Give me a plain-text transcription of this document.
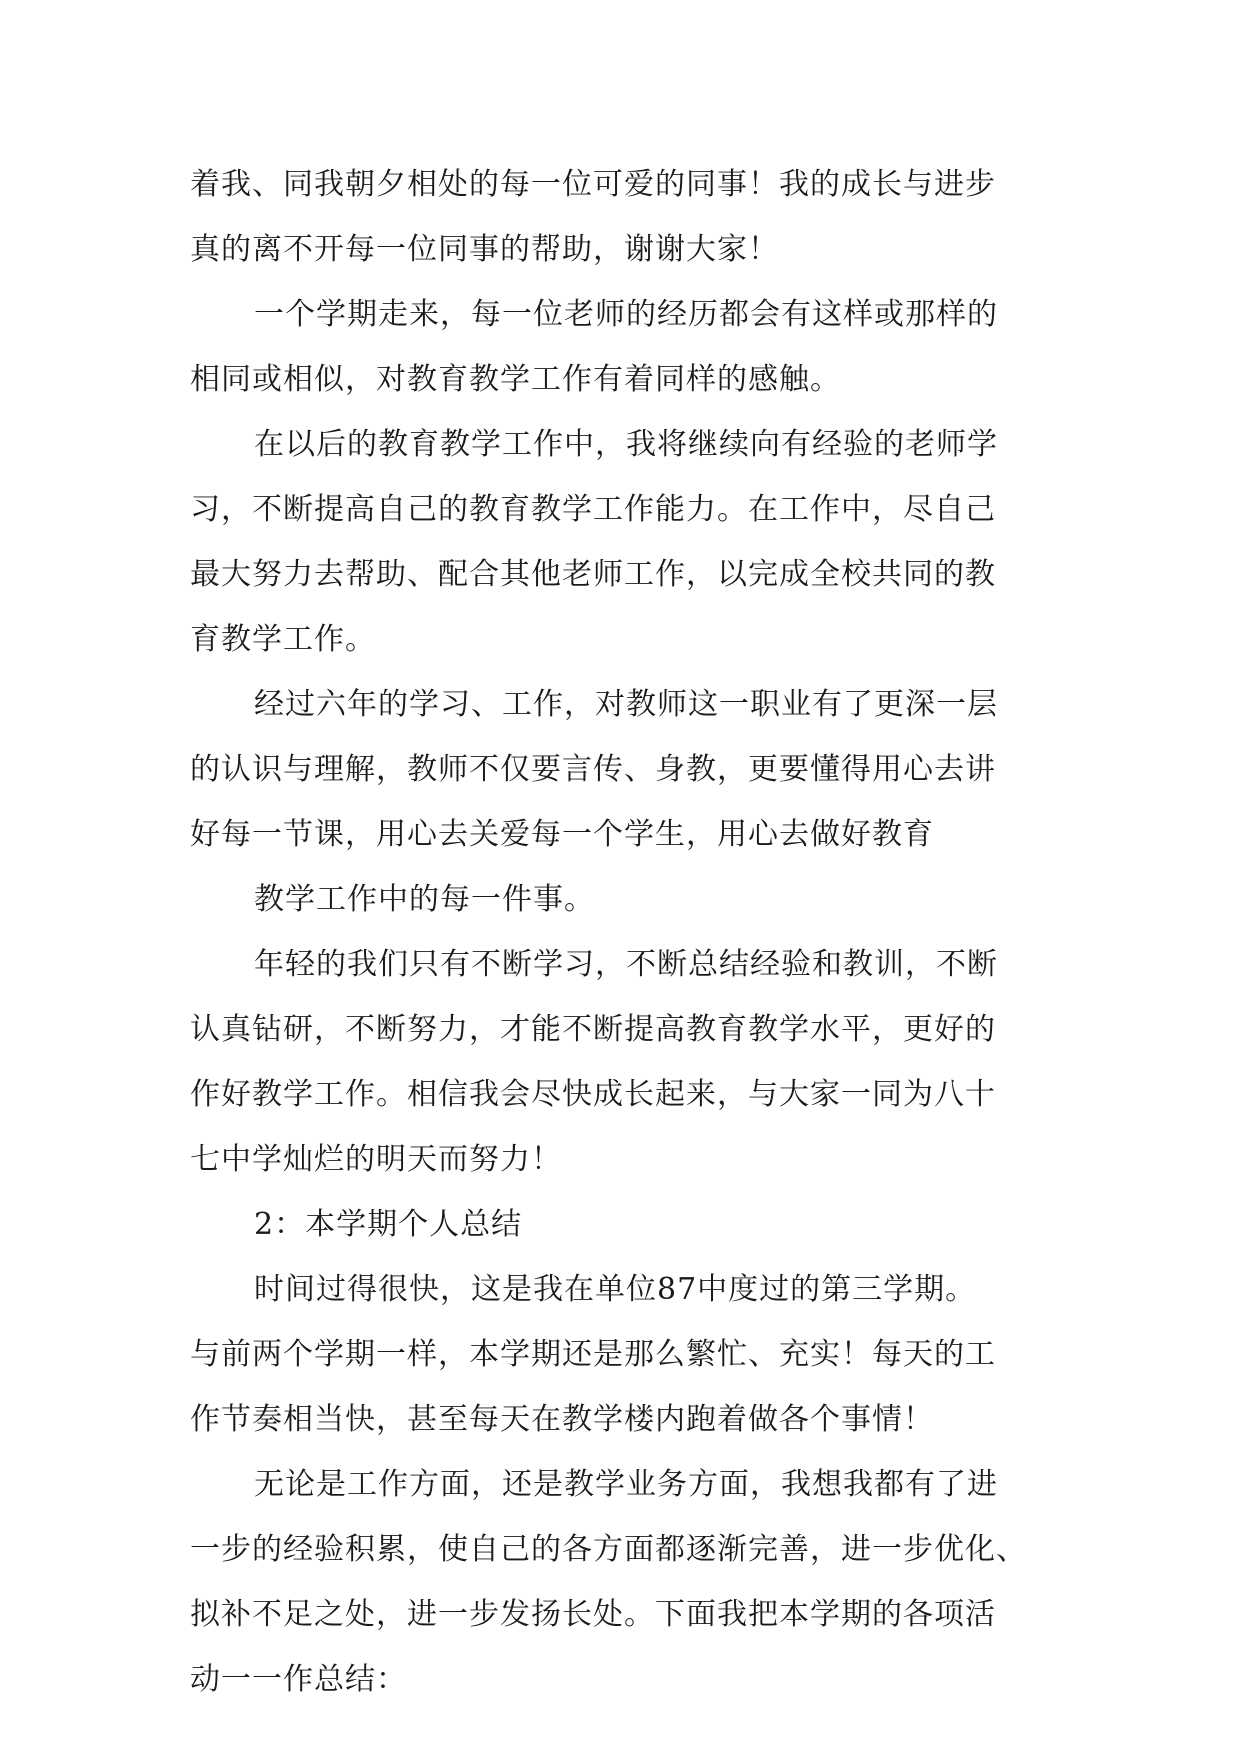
着我、同我朝夕相处的每一位可爱的同事！我的成长与进步
真的离不开每一位同事的帮助，谢谢大家！
一个学期走来，每一位老师的经历都会有这样或那样的
相同或相似，对教育教学工作有着同样的感触。
在以后的教育教学工作中，我将继续向有经验的老师学
习，不断提高自己的教育教学工作能力。在工作中，尽自己
最大努力去帮助、配合其他老师工作，以完成全校共同的教
育教学工作。
经过六年的学习、工作，对教师这一职业有了更深一层
的认识与理解，教师不仅要言传、身教，更要懂得用心去讲
好每一节课，用心去关爱每一个学生，用心去做好教育
教学工作中的每一件事。
年轻的我们只有不断学习，不断总结经验和教训，不断
认真钻研，不断努力，才能不断提高教育教学水平，更好的
作好教学工作。相信我会尽快成长起来，与大家一同为八十
七中学灿烂的明天而努力！
2：本学期个人总结
时间过得很快，这是我在单位87中度过的第三学期。
与前两个学期一样，本学期还是那么繁忙、充实！每天的工
作节奏相当快，甚至每天在教学楼内跑着做各个事情！
无论是工作方面，还是教学业务方面，我想我都有了进
一步的经验积累，使自己的各方面都逐渐完善，进一步优化、
拟补不足之处，进一步发扬长处。下面我把本学期的各项活
动一一作总结：
